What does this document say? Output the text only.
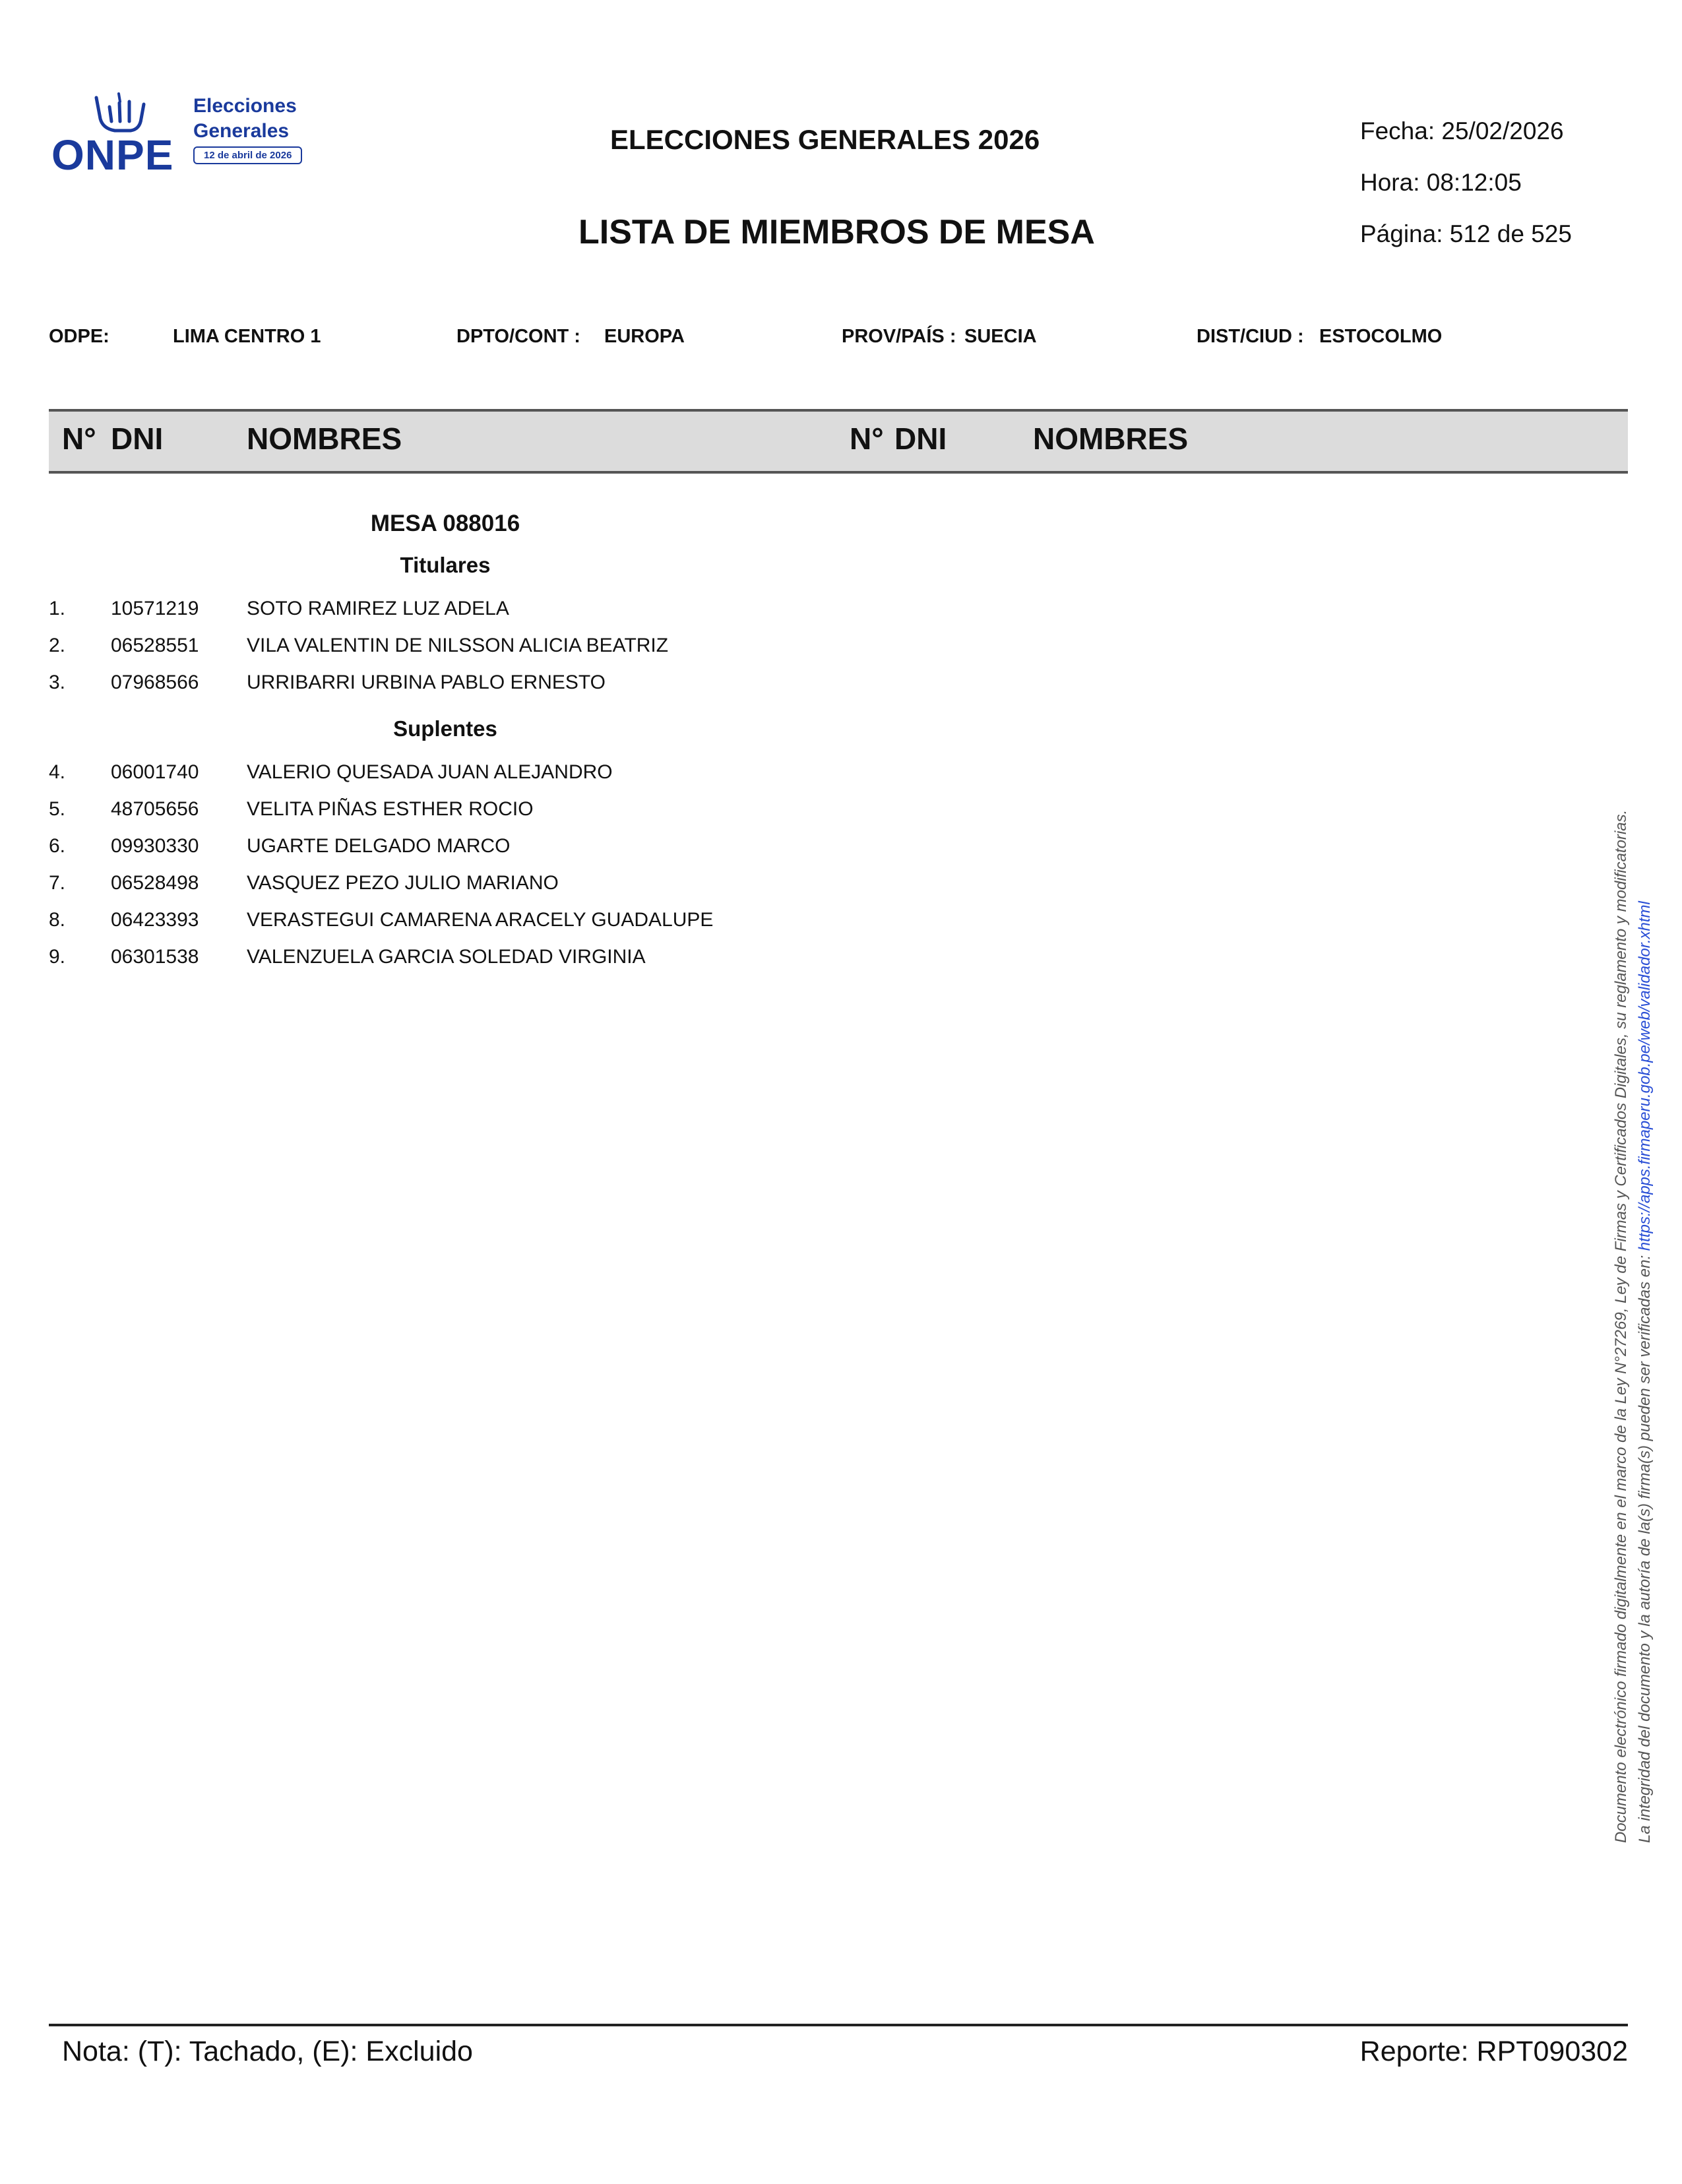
ONPE
Elecciones
Generales
12 de abril de 2026
ELECCIONES GENERALES 2026
LISTA DE MIEMBROS DE MESA
Fecha: 25/02/2026
Hora: 08:12:05
Página: 512 de 525
ODPE:	LIMA CENTRO 1	DPTO/CONT : EUROPA	PROV/PAÍS : SUECIA	DIST/CIUD : ESTOCOLMO
N° DNI	NOMBRES	N° DNI	NOMBRES
MESA 088016
Titulares
1. 10571219 SOTO RAMIREZ LUZ ADELA
2. 06528551 VILA VALENTIN DE NILSSON ALICIA BEATRIZ
3. 07968566 URRIBARRI URBINA PABLO ERNESTO
Suplentes
4. 06001740 VALERIO QUESADA JUAN ALEJANDRO
5. 48705656 VELITA PIÑAS ESTHER ROCIO
6. 09930330 UGARTE DELGADO MARCO
7. 06528498 VASQUEZ PEZO JULIO MARIANO
8. 06423393 VERASTEGUI CAMARENA ARACELY GUADALUPE
9. 06301538 VALENZUELA GARCIA SOLEDAD VIRGINIA	Documento electrónico firmado digitalmente en el marco de la Ley N°27269, Ley de Firmas y Certificados Digitales, su reglamento y modificatorias. La integridad del documento y la autoría de la(s) firma(s) pueden ser verificadas en: https://apps.firmaperu.gob.pe/web/validador.xhtml
Nota: (T): Tachado, (E): Excluido	Reporte: RPT090302
